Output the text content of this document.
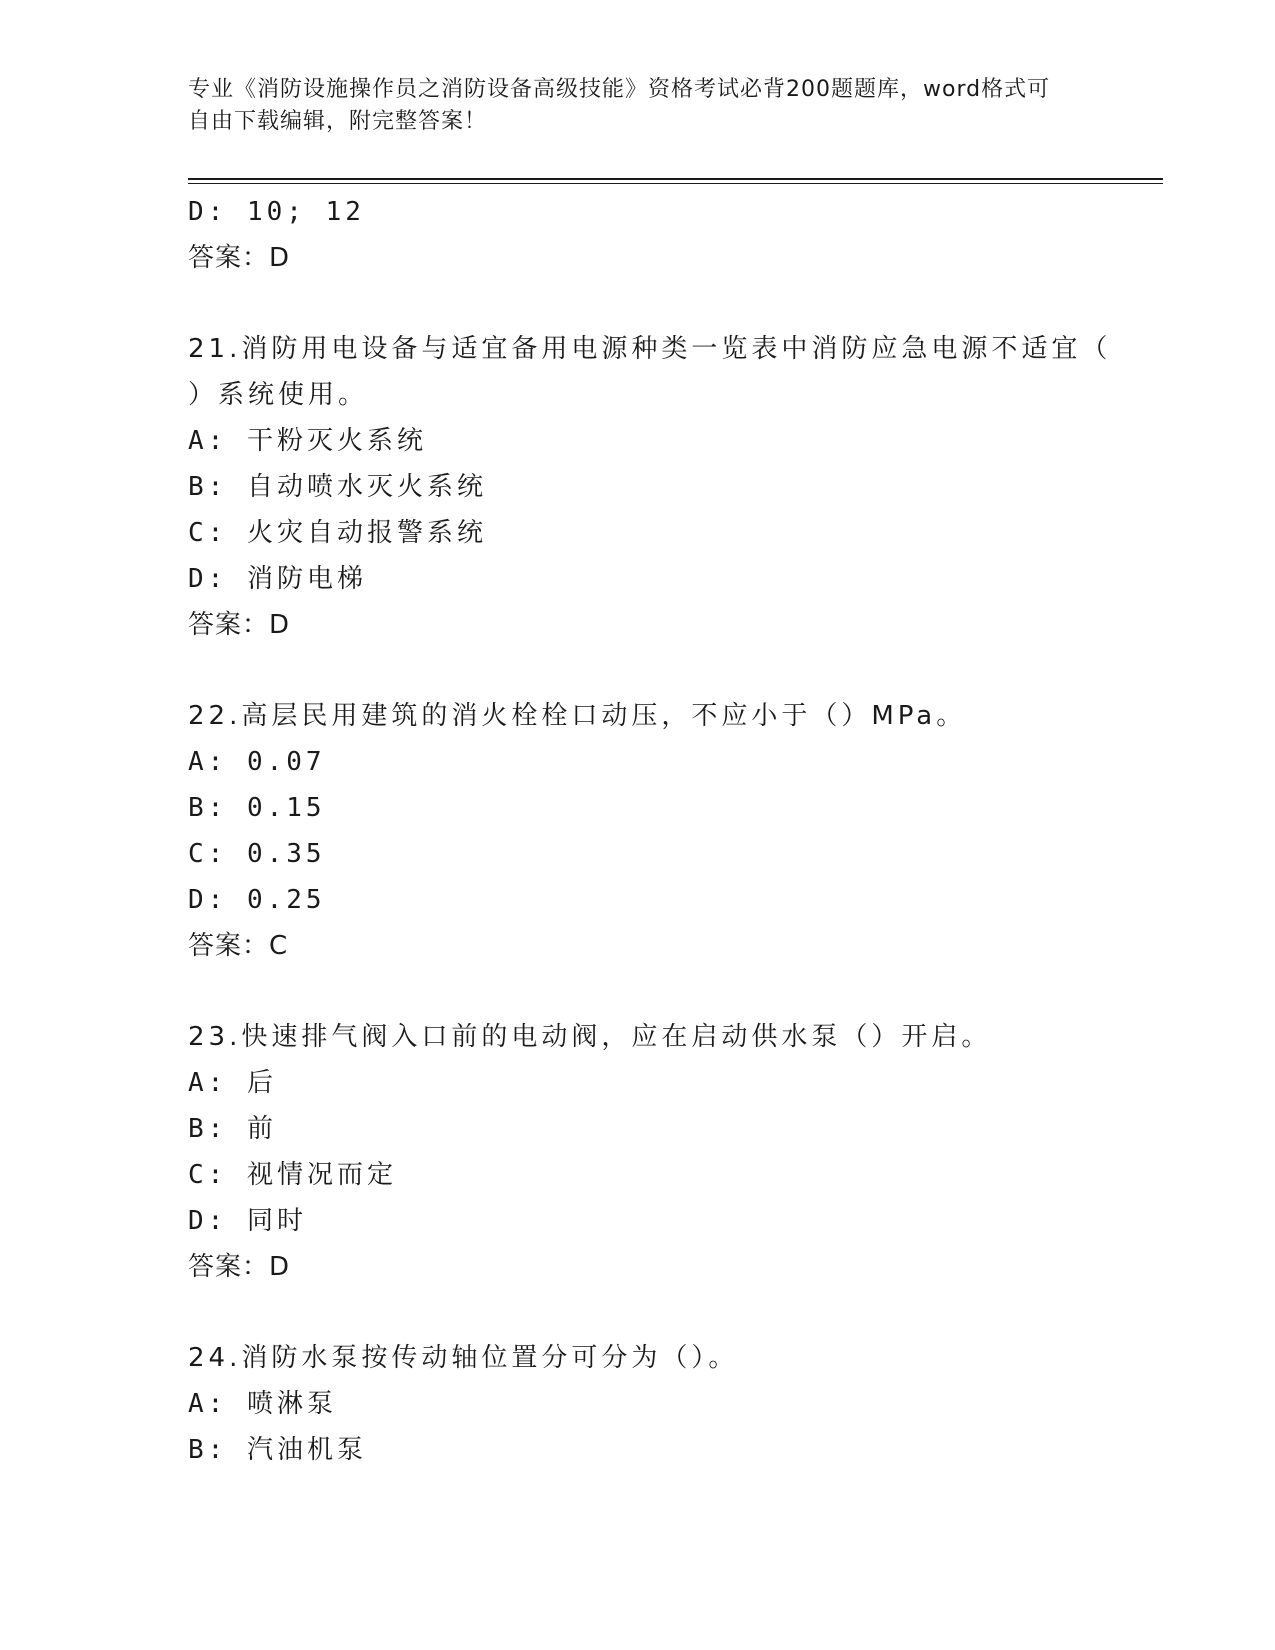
专业《消防设施操作员之消防设备高级技能》资格考试必背200题题库，word格式可自由下载编辑，附完整答案！
D: 10; 12
答案：D
21.消防用电设备与适宜备用电源种类一览表中消防应急电源不适宜（
）系统使用。
A: 干粉灭火系统
B: 自动喷水灭火系统
C: 火灾自动报警系统
D: 消防电梯
答案：D
22.高层民用建筑的消火栓栓口动压，不应小于（）MPa。
A: 0.07
B: 0.15
C: 0.35
D: 0.25
答案：C
23.快速排气阀入口前的电动阀，应在启动供水泵（）开启。
A: 后
B: 前
C: 视情况而定
D: 同时
答案：D
24.消防水泵按传动轴位置分可分为（）。
A: 喷淋泵
B: 汽油机泵
